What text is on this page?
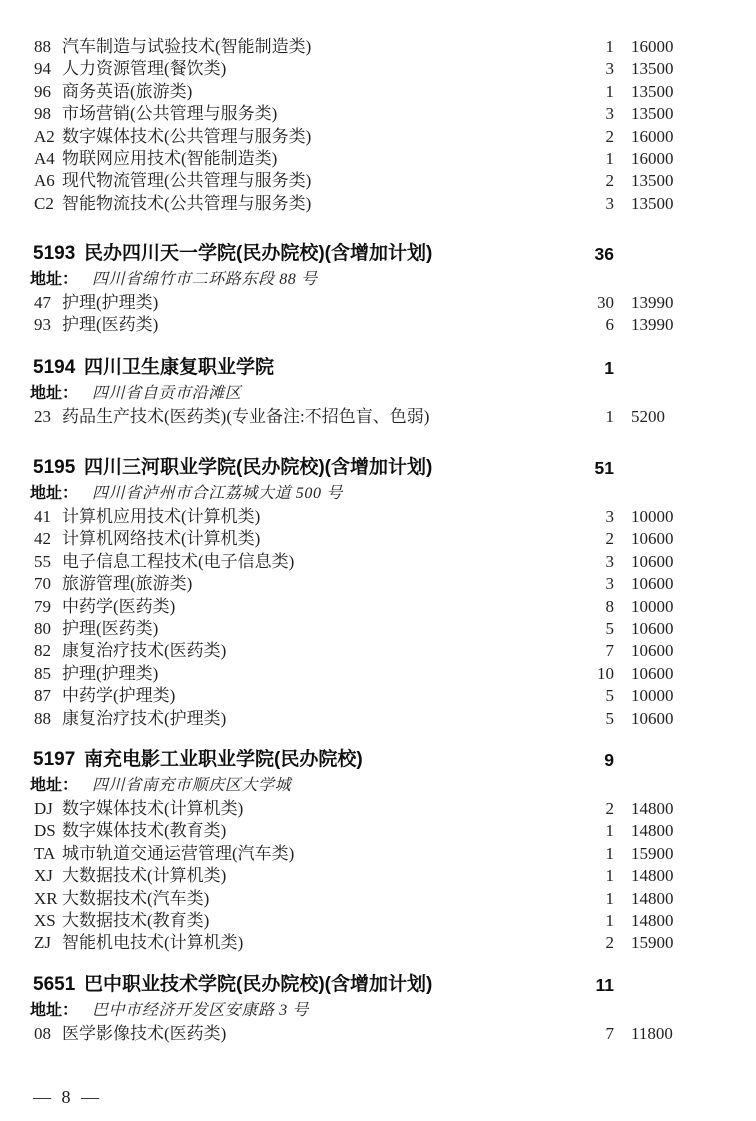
88 汽车制造与试验技术(智能制造类)	1 16000
94 人力资源管理(餐饮类)	3 13500
96 商务英语(旅游类)	1 13500
98 市场营销(公共管理与服务类)	3 13500
A2 数字媒体技术(公共管理与服务类)	2 16000
A4 物联网应用技术(智能制造类)	1 16000
A6 现代物流管理(公共管理与服务类)	2 13500
C2 智能物流技术(公共管理与服务类)	3 13500
5193 民办四川天一学院(民办院校)(含增加计划)	36
地址： 四川省绵竹市二环路东段 88 号
47 护理(护理类)	30 13990
93 护理(医药类)	6 13990
5194 四川卫生康复职业学院	1
地址： 四川省自贡市沿滩区
23 药品生产技术(医药类)(专业备注:不招色盲、色弱)	1 5200
5195 四川三河职业学院(民办院校)(含增加计划)	51
地址： 四川省泸州市合江荔城大道 500 号
41 计算机应用技术(计算机类)	3 10000
42 计算机网络技术(计算机类)	2 10600
55 电子信息工程技术(电子信息类)	3 10600
70 旅游管理(旅游类)	3 10600
79 中药学(医药类)	8 10000
80 护理(医药类)	5 10600
82 康复治疗技术(医药类)	7 10600
85 护理(护理类)	10 10600
87 中药学(护理类)	5 10000
88 康复治疗技术(护理类)	5 10600
5197 南充电影工业职业学院(民办院校)	9
地址： 四川省南充市顺庆区大学城
DJ 数字媒体技术(计算机类)	2 14800
DS 数字媒体技术(教育类)	1 14800
TA 城市轨道交通运营管理(汽车类)	1 15900
XJ 大数据技术(计算机类)	1 14800
XR 大数据技术(汽车类)	1 14800
XS 大数据技术(教育类)	1 14800
ZJ 智能机电技术(计算机类)	2 15900
5651 巴中职业技术学院(民办院校)(含增加计划)	11
地址： 巴中市经济开发区安康路 3 号
08 医学影像技术(医药类)	7 11800
— 8 —
